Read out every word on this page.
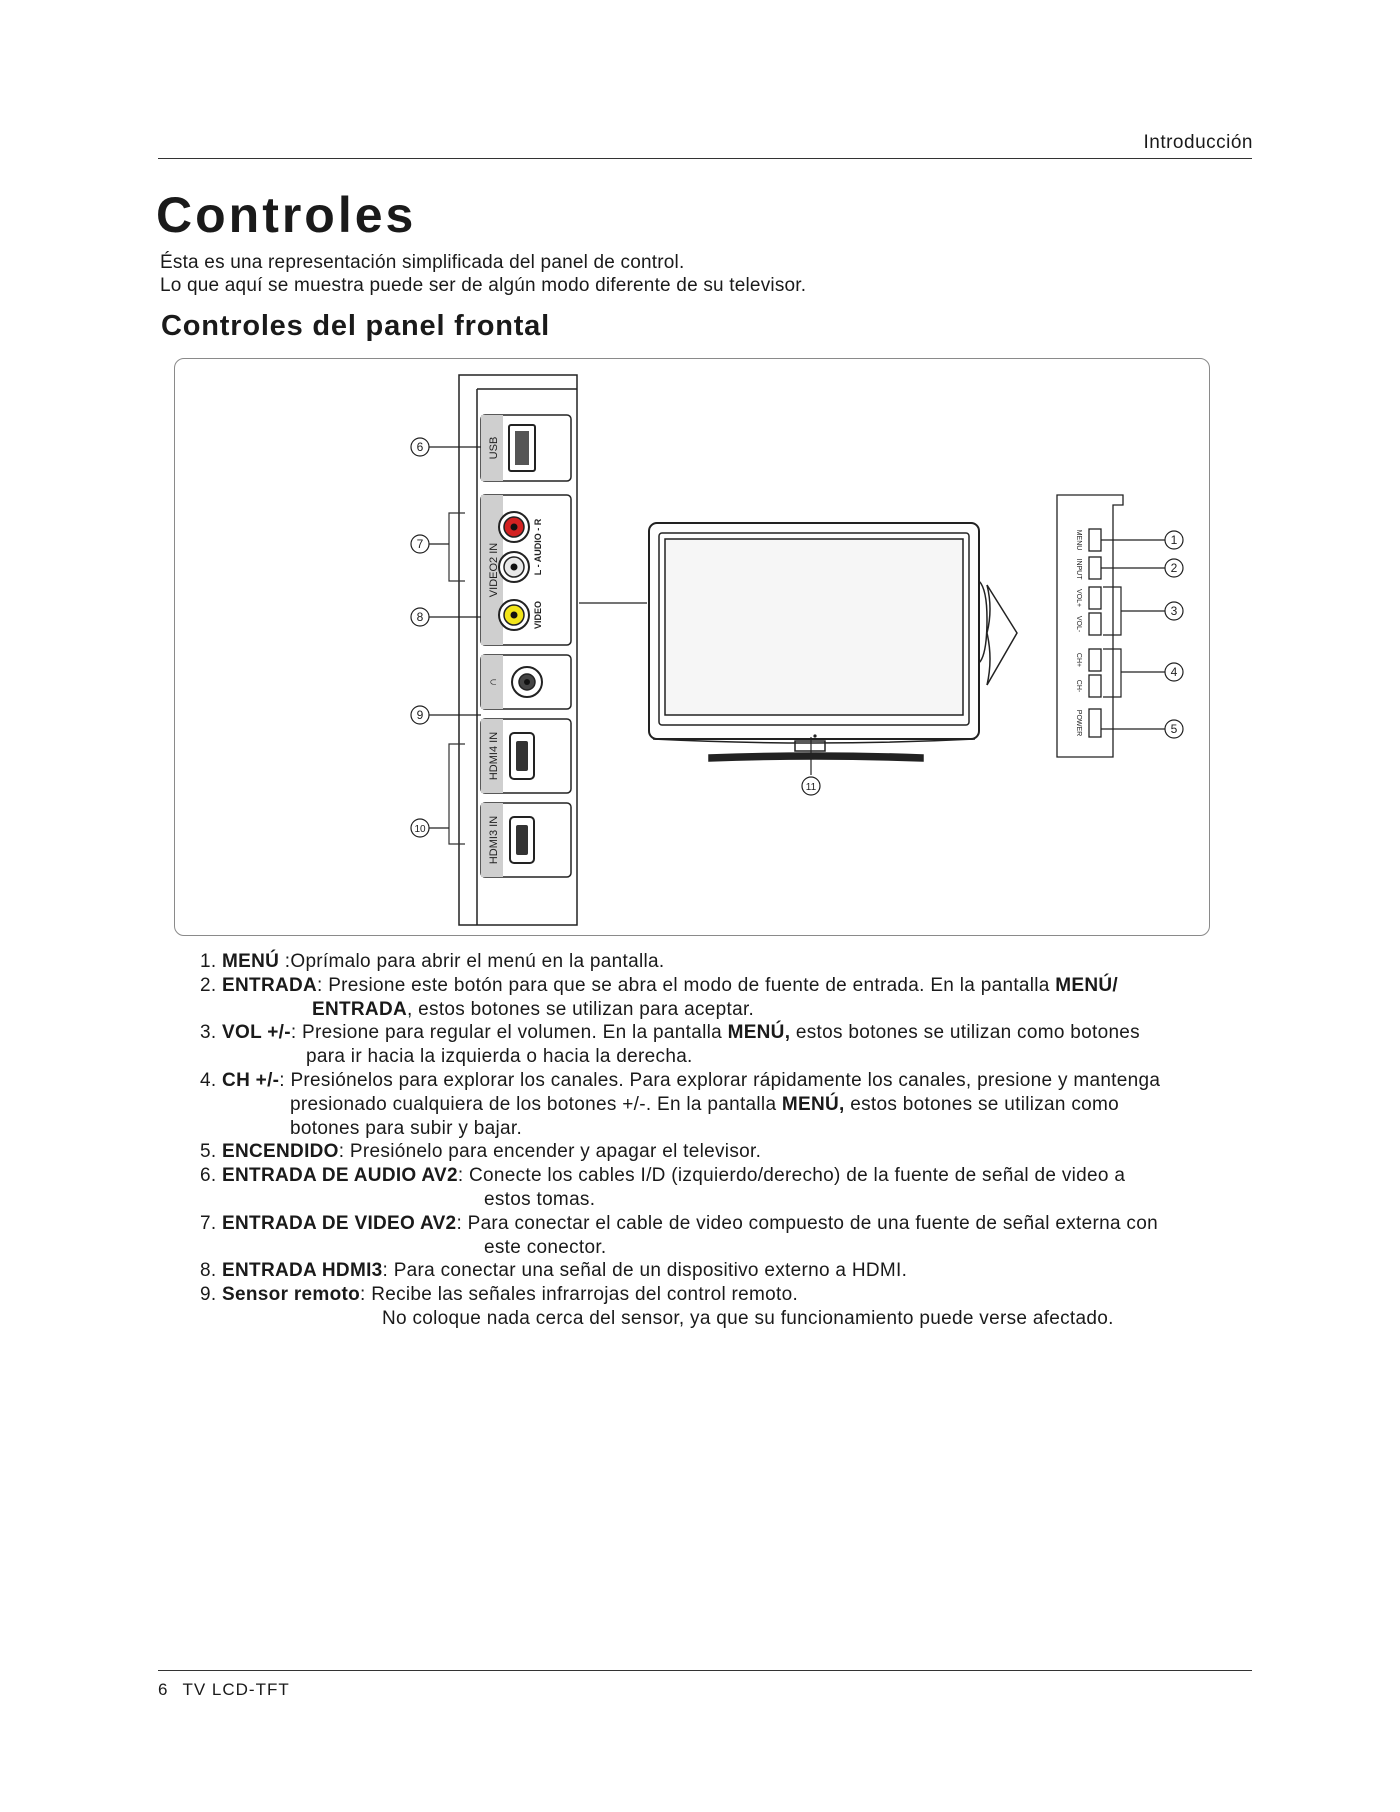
Introducción
Controles

Ésta es una representación simplificada del panel de control.

Lo que aquí se muestra puede ser de algún modo diferente de su televisor.

Controles del panel frontal
USB
VIDEO2 IN	L - AUDIO - R
VIDEO
∩
HDMI4 IN
HDMI3 IN
6
7
8
9
10
11
MENU
INPUT
VOL+
VOL-
CH+
CH-
POWER
1
2
3
4
5
1. MENÚ :Oprímalo para abrir el menú en la pantalla.
2. ENTRADA: Presione este botón para que se abra el modo de fuente de entrada. En la pantalla MENÚ/
ENTRADA, estos botones se utilizan para aceptar.
3. VOL +/-: Presione para regular el volumen. En la pantalla MENÚ, estos botones se utilizan como botones
para ir hacia la izquierda o hacia la derecha.
4. CH +/-: Presiónelos para explorar los canales. Para explorar rápidamente los canales, presione y mantenga
presionado cualquiera de los botones +/-. En la pantalla MENÚ, estos botones se utilizan como
botones para subir y bajar.
5. ENCENDIDO: Presiónelo para encender y apagar el televisor.
6. ENTRADA DE AUDIO AV2: Conecte los cables I/D (izquierdo/derecho) de la fuente de señal de video a
estos tomas.
7. ENTRADA DE VIDEO AV2: Para conectar el cable de video compuesto de una fuente de señal externa con
este conector.
8. ENTRADA HDMI3: Para conectar una señal de un dispositivo externo a HDMI.
9. Sensor remoto: Recibe las señales infrarrojas del control remoto.
No coloque nada cerca del sensor, ya que su funcionamiento puede verse afectado.
6 TV LCD-TFT
